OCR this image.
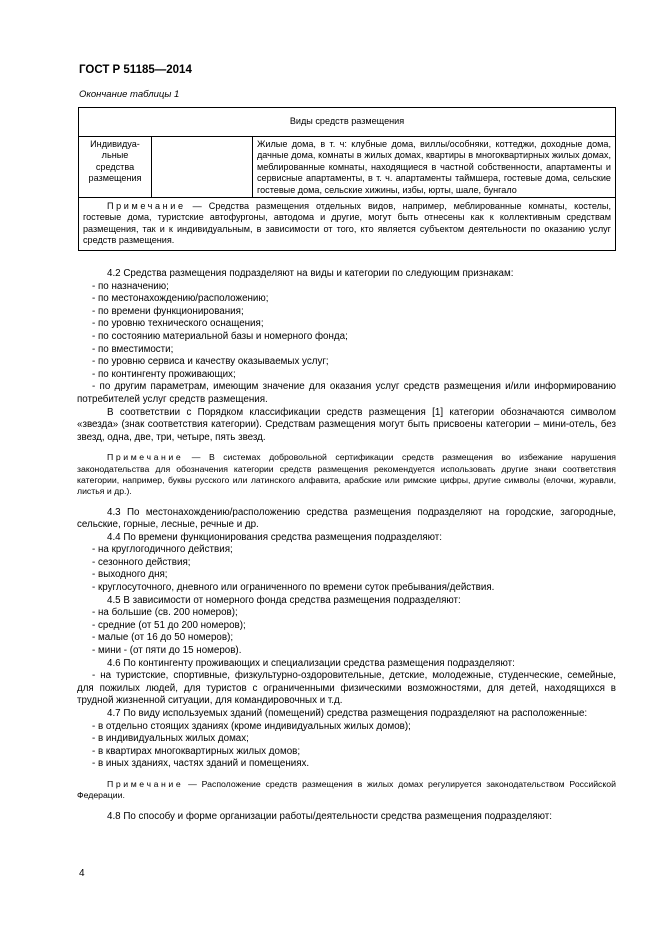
ГОСТ Р 51185—2014
Окончание таблицы 1
Виды средств размещения
Индивидуа-
льные
средства
размещения		Жилые дома, в т. ч: клубные дома, виллы/особняки, коттеджи, доходные дома, дачные дома, комнаты в жилых домах, квартиры в многоквартирных жилых домах, меблированные комнаты, находящиеся в частной собственности, апартаменты и сервисные апартаменты, в т. ч. апартаменты таймшера, гостевые дома, сельские гостевые дома, сельские хижины, избы, юрты, шале, бунгало
Примечание — Средства размещения отдельных видов, например, меблированные комнаты, костелы, гостевые дома, туристские автофургоны, автодома и другие, могут быть отнесены как к коллективным средствам размещения, так и к индивидуальным, в зависимости от того, кто является субъектом деятельности по оказанию услуг средств размещения.

4.2 Средства размещения подразделяют на виды и категории по следующим признакам:

- по назначению;

- по местонахождению/расположению;

- по времени функционирования;

- по уровню технического оснащения;

- по состоянию материальной базы и номерного фонда;

- по вместимости;

- по уровню сервиса и качеству оказываемых услуг;

- по контингенту проживающих;

- по другим параметрам, имеющим значение для оказания услуг средств размещения и/или информированию потребителей услуг средств размещения.

В соответствии с Порядком классификации средств размещения [1] категории обозначаются символом «звезда» (знак соответствия категории). Средствам размещения могут быть присвоены категории – мини-отель, без звезд, одна, две, три, четыре, пять звезд.

Примечание — В системах добровольной сертификации средств размещения во избежание нарушения законодательства для обозначения категории средств размещения рекомендуется использовать другие знаки соответствия категории, например, буквы русского или латинского алфавита, арабские или римские цифры, другие символы (елочки, журавли, листья и др.).

4.3 По местонахождению/расположению средства размещения подразделяют на городские, загородные, сельские, горные, лесные, речные и др.

4.4 По времени функционирования средства размещения подразделяют:

- на круглогодичного действия;

- сезонного действия;

- выходного дня;

- круглосуточного, дневного или ограниченного по времени суток пребывания/действия.

4.5 В зависимости от номерного фонда средства размещения подразделяют:

- на большие (св. 200 номеров);

- средние (от 51 до 200 номеров);

- малые (от 16 до 50 номеров);

- мини - (от пяти до 15 номеров).

4.6 По контингенту проживающих и специализации средства размещения подразделяют:

- на туристские, спортивные, физкультурно-оздоровительные, детские, молодежные, студенческие, семейные, для пожилых людей, для туристов с ограниченными физическими возможностями, для детей, находящихся в трудной жизненной ситуации, для командировочных и т.д.

4.7 По виду используемых зданий (помещений) средства размещения подразделяют на расположенные:

- в отдельно стоящих зданиях (кроме индивидуальных жилых домов);

- в индивидуальных жилых домах;

- в квартирах многоквартирных жилых домов;

- в иных зданиях, частях зданий и помещениях.

Примечание — Расположение средств размещения в жилых домах регулируется законодательством Российской Федерации.

4.8 По способу и форме организации работы/деятельности средства размещения подразделяют:

4
